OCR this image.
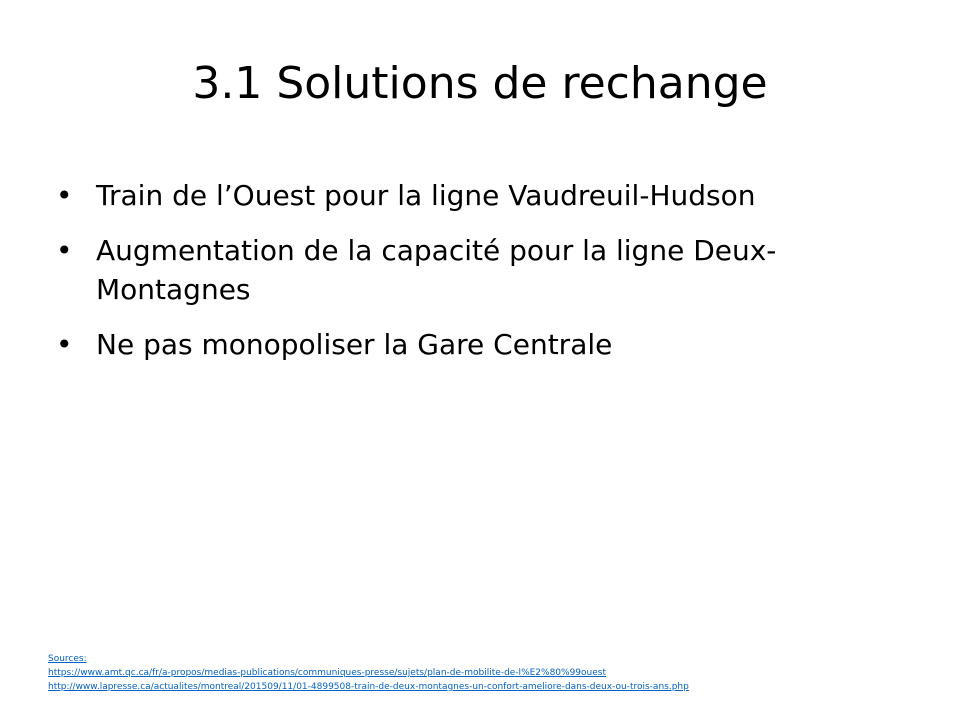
3.1 Solutions de rechange
• Train de l’Ouest pour la ligne Vaudreuil-Hudson
• Augmentation de la capacité pour la ligne Deux-Montagnes
• Ne pas monopoliser la Gare Centrale
Sources:
https://www.amt.qc.ca/fr/a-propos/medias-publications/communiques-presse/sujets/plan-de-mobilite-de-l%E2%80%99ouest
http://www.lapresse.ca/actualites/montreal/201509/11/01-4899508-train-de-deux-montagnes-un-confort-ameliore-dans-deux-ou-trois-ans.php
